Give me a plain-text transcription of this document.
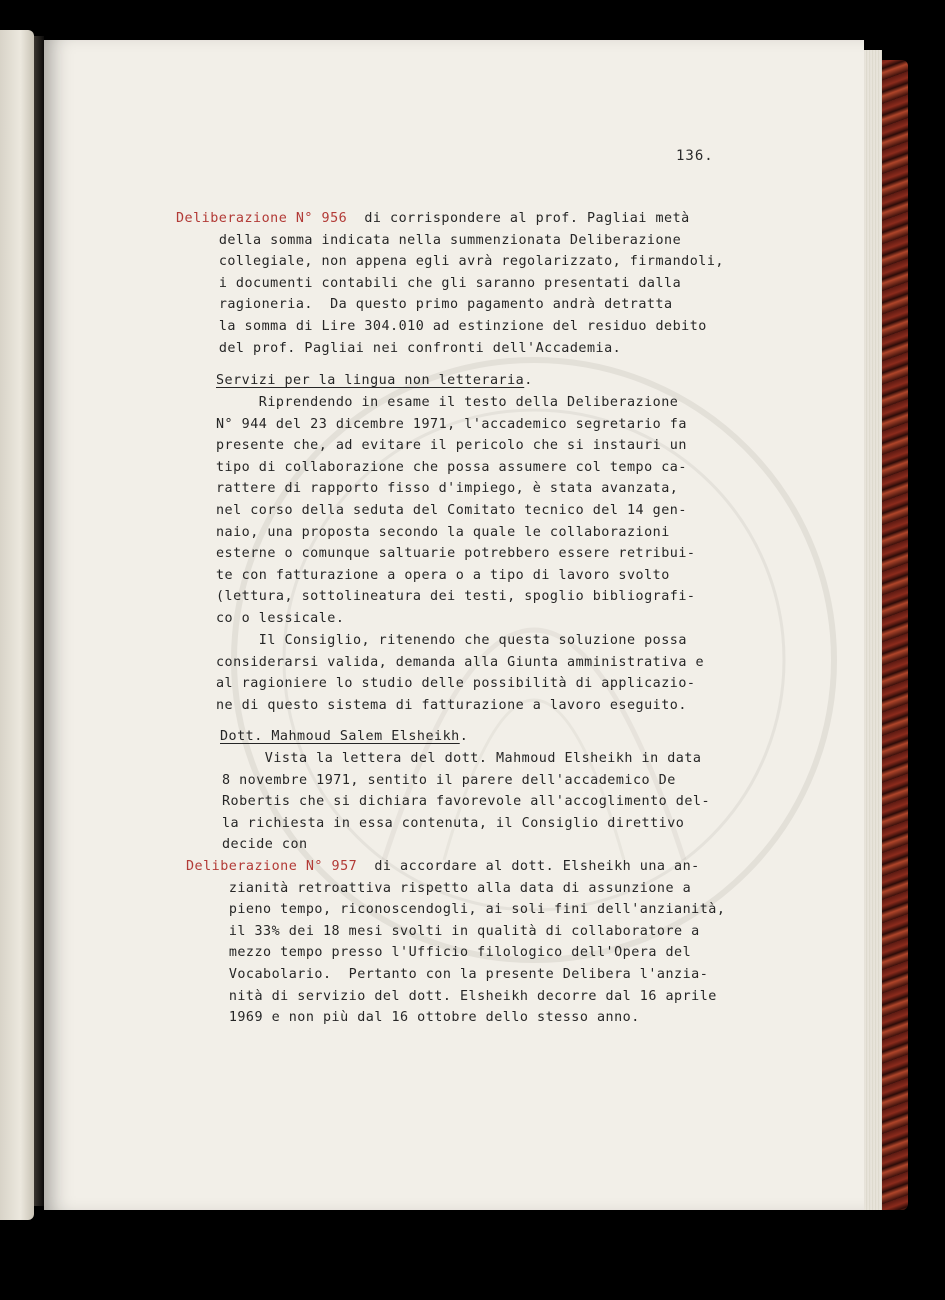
136.

Deliberazione N° 956  di corrispondere al prof. Pagliai metà
della somma indicata nella summenzionata Deliberazione
collegiale, non appena egli avrà regolarizzato, firmandoli,
i documenti contabili che gli saranno presentati dalla
ragioneria.  Da questo primo pagamento andrà detratta
la somma di Lire 304.010 ad estinzione del residuo debito
del prof. Pagliai nei confronti dell'Accademia.
Servizi per la lingua non letteraria.
Riprendendo in esame il testo della Deliberazione
N° 944 del 23 dicembre 1971, l'accademico segretario fa
presente che, ad evitare il pericolo che si instauri un
tipo di collaborazione che possa assumere col tempo ca-
rattere di rapporto fisso d'impiego, è stata avanzata,
nel corso della seduta del Comitato tecnico del 14 gen-
naio, una proposta secondo la quale le collaborazioni
esterne o comunque saltuarie potrebbero essere retribui-
te con fatturazione a opera o a tipo di lavoro svolto
(lettura, sottolineatura dei testi, spoglio bibliografi-
co o lessicale.
Il Consiglio, ritenendo che questa soluzione possa
considerarsi valida, demanda alla Giunta amministrativa e
al ragioniere lo studio delle possibilità di applicazio-
ne di questo sistema di fatturazione a lavoro eseguito.
Dott. Mahmoud Salem Elsheikh.
Vista la lettera del dott. Mahmoud Elsheikh in data
8 novembre 1971, sentito il parere dell'accademico De
Robertis che si dichiara favorevole all'accoglimento del-
la richiesta in essa contenuta, il Consiglio direttivo
decide con
Deliberazione N° 957  di accordare al dott. Elsheikh una an-
zianità retroattiva rispetto alla data di assunzione a
pieno tempo, riconoscendogli, ai soli fini dell'anzianità,
il 33% dei 18 mesi svolti in qualità di collaboratore a
mezzo tempo presso l'Ufficio filologico dell'Opera del
Vocabolario.  Pertanto con la presente Delibera l'anzia-
nità di servizio del dott. Elsheikh decorre dal 16 aprile
1969 e non più dal 16 ottobre dello stesso anno.
